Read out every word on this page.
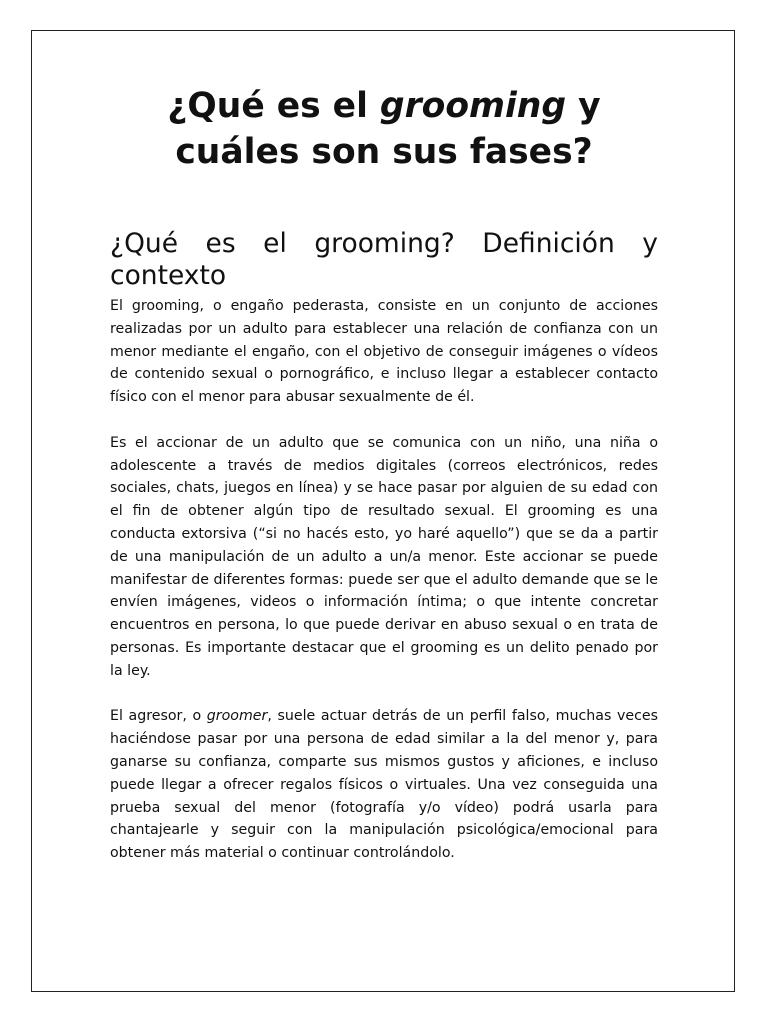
¿Qué es el grooming y cuáles son sus fases?
¿Qué es el grooming? Definición y contexto

El grooming, o engaño pederasta, consiste en un conjunto de acciones realizadas por un adulto para establecer una relación de confianza con un menor mediante el engaño, con el objetivo de conseguir imágenes o vídeos de contenido sexual o pornográfico, e incluso llegar a establecer contacto físico con el menor para abusar sexualmente de él.

Es el accionar de un adulto que se comunica con un niño, una niña o adolescente a través de medios digitales (correos electrónicos, redes sociales, chats, juegos en línea) y se hace pasar por alguien de su edad con el fin de obtener algún tipo de resultado sexual. El grooming es una conducta extorsiva (“si no hacés esto, yo haré aquello”) que se da a partir de una manipulación de un adulto a un/a menor. Este accionar se puede manifestar de diferentes formas: puede ser que el adulto demande que se le envíen imágenes, videos o información íntima; o que intente concretar encuentros en persona, lo que puede derivar en abuso sexual o en trata de personas. Es importante destacar que el grooming es un delito penado por la ley.

El agresor, o groomer, suele actuar detrás de un perfil falso, muchas veces haciéndose pasar por una persona de edad similar a la del menor y, para ganarse su confianza, comparte sus mismos gustos y aficiones, e incluso puede llegar a ofrecer regalos físicos o virtuales. Una vez conseguida una prueba sexual del menor (fotografía y/o vídeo) podrá usarla para chantajearle y seguir con la manipulación psicológica/emocional para obtener más material o continuar controlándolo.
